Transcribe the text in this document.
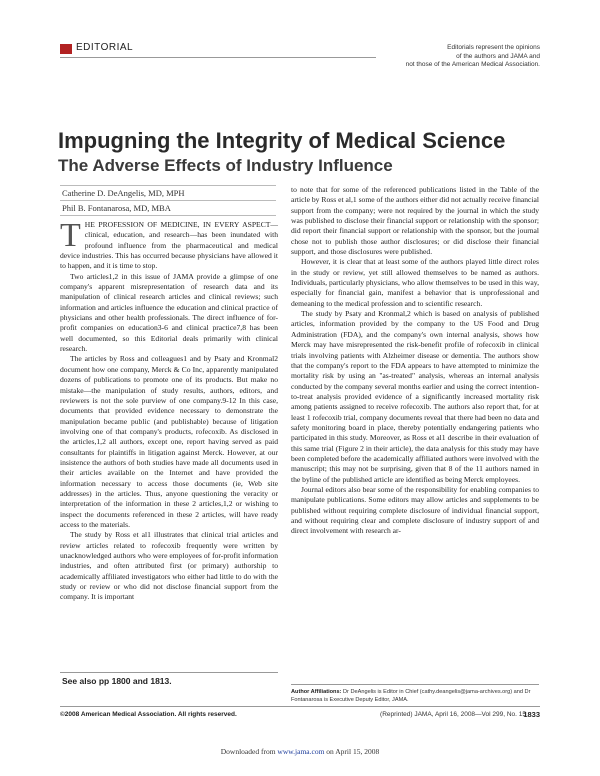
EDITORIAL	Editorials represent the opinions
of the authors and JAMA and
not those of the American Medical Association.
Impugning the Integrity of Medical Science
The Adverse Effects of Industry Influence
Catherine D. DeAngelis, MD, MPH
Phil B. Fontanarosa, MD, MBA

THE PROFESSION OF MEDICINE, IN EVERY ASPECT—clinical, education, and research—has been inundated with profound influence from the pharmaceutical and medical device industries. This has occurred because physicians have allowed it to happen, and it is time to stop.

Two articles1,2 in this issue of JAMA provide a glimpse of one company's apparent misrepresentation of research data and its manipulation of clinical research articles and clinical reviews; such information and articles influence the education and clinical practice of physicians and other health professionals. The direct influence of for-profit companies on education3-6 and clinical practice7,8 has been well documented, so this Editorial deals primarily with clinical research.

The articles by Ross and colleagues1 and by Psaty and Kronmal2 document how one company, Merck & Co Inc, apparently manipulated dozens of publications to promote one of its products. But make no mistake—the manipulation of study results, authors, editors, and reviewers is not the sole purview of one company.9-12 In this case, documents that provided evidence necessary to demonstrate the manipulation became public (and publishable) because of litigation involving one of that company's products, rofecoxib. As disclosed in the articles,1,2 all authors, except one, report having served as paid consultants for plaintiffs in litigation against Merck. However, at our insistence the authors of both studies have made all documents used in their articles available on the Internet and have provided the information necessary to access those documents (ie, Web site addresses) in the articles. Thus, anyone questioning the veracity or interpretation of the information in these 2 articles,1,2 or wishing to inspect the documents referenced in these 2 articles, will have ready access to the materials.

The study by Ross et al1 illustrates that clinical trial articles and review articles related to rofecoxib frequently were written by unacknowledged authors who were employees of for-profit information industries, and often attributed first (or primary) authorship to academically affiliated investigators who either had little to do with the study or review or who did not disclose financial support from the company. It is important

to note that for some of the referenced publications listed in the Table of the article by Ross et al,1 some of the authors either did not actually receive financial support from the company; were not required by the journal in which the study was published to disclose their financial support or relationship with the sponsor; did report their financial support or relationship with the sponsor, but the journal chose not to publish those author disclosures; or did disclose their financial support, and those disclosures were published.

However, it is clear that at least some of the authors played little direct roles in the study or review, yet still allowed themselves to be named as authors. Individuals, particularly physicians, who allow themselves to be used in this way, especially for financial gain, manifest a behavior that is unprofessional and demeaning to the medical profession and to scientific research.

The study by Psaty and Kronmal,2 which is based on analysis of published articles, information provided by the company to the US Food and Drug Administration (FDA), and the company's own internal analysis, shows how Merck may have misrepresented the risk-benefit profile of rofecoxib in clinical trials involving patients with Alzheimer disease or dementia. The authors show that the company's report to the FDA appears to have attempted to minimize the mortality risk by using an "as-treated" analysis, whereas an internal analysis conducted by the company several months earlier and using the correct intention-to-treat analysis provided evidence of a significantly increased mortality risk among patients assigned to receive rofecoxib. The authors also report that, for at least 1 rofecoxib trial, company documents reveal that there had been no data and safety monitoring board in place, thereby potentially endangering patients who participated in this study. Moreover, as Ross et al1 describe in their evaluation of this same trial (Figure 2 in their article), the data analysis for this study may have been completed before the academically affiliated authors were involved with the manuscript; this may not be surprising, given that 8 of the 11 authors named in the byline of the published article are identified as being Merck employees.

Journal editors also bear some of the responsibility for enabling companies to manipulate publications. Some editors may allow articles and supplements to be published without requiring complete disclosure of individual financial support, and without requiring clear and complete disclosure of industry support of and direct involvement with research ar-

See also pp 1800 and 1813.
Author Affiliations: Dr DeAngelis is Editor in Chief (cathy.deangelis@jama-archives.org) and Dr Fontanarosa is Executive Deputy Editor, JAMA.
©2008 American Medical Association. All rights reserved.	(Reprinted) JAMA, April 16, 2008—Vol 299, No. 15
1833
Downloaded from www.jama.com on April 15, 2008
